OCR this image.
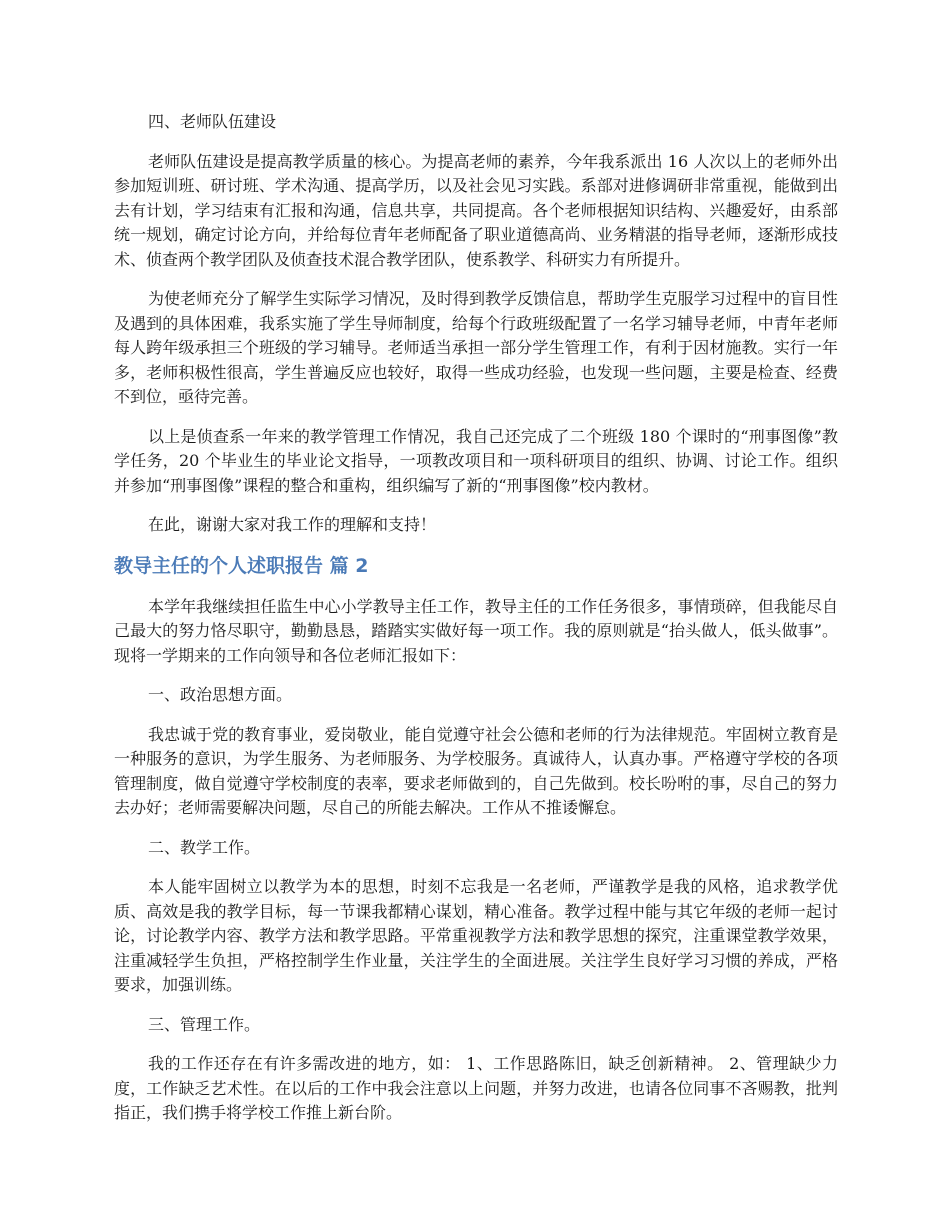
四、老师队伍建设

老师队伍建设是提高教学质量的核心。为提高老师的素养，今年我系派出 16 人次以上的老师外出参加短训班、研讨班、学术沟通、提高学历，以及社会见习实践。系部对进修调研非常重视，能做到出去有计划，学习结束有汇报和沟通，信息共享，共同提高。各个老师根据知识结构、兴趣爱好，由系部统一规划，确定讨论方向，并给每位青年老师配备了职业道德高尚、业务精湛的指导老师，逐渐形成技术、侦查两个教学团队及侦查技术混合教学团队，使系教学、科研实力有所提升。

为使老师充分了解学生实际学习情况，及时得到教学反馈信息，帮助学生克服学习过程中的盲目性及遇到的具体困难，我系实施了学生导师制度，给每个行政班级配置了一名学习辅导老师，中青年老师每人跨年级承担三个班级的学习辅导。老师适当承担一部分学生管理工作，有利于因材施教。实行一年多，老师积极性很高，学生普遍反应也较好，取得一些成功经验，也发现一些问题，主要是检查、经费不到位，亟待完善。

以上是侦查系一年来的教学管理工作情况，我自己还完成了二个班级 180 个课时的“刑事图像”教学任务，20 个毕业生的毕业论文指导，一项教改项目和一项科研项目的组织、协调、讨论工作。组织并参加“刑事图像”课程的整合和重构，组织编写了新的“刑事图像”校内教材。

在此，谢谢大家对我工作的理解和支持！

教导主任的个人述职报告 篇 2

本学年我继续担任监生中心小学教导主任工作，教导主任的工作任务很多，事情琐碎，但我能尽自己最大的努力恪尽职守，勤勤恳恳，踏踏实实做好每一项工作。我的原则就是“抬头做人，低头做事”。现将一学期来的工作向领导和各位老师汇报如下：

一、政治思想方面。

我忠诚于党的教育事业，爱岗敬业，能自觉遵守社会公德和老师的行为法律规范。牢固树立教育是一种服务的意识，为学生服务、为老师服务、为学校服务。真诚待人，认真办事。严格遵守学校的各项管理制度，做自觉遵守学校制度的表率，要求老师做到的，自己先做到。校长吩咐的事，尽自己的努力去办好；老师需要解决问题，尽自己的所能去解决。工作从不推诿懈怠。

二、教学工作。

本人能牢固树立以教学为本的思想，时刻不忘我是一名老师，严谨教学是我的风格，追求教学优质、高效是我的教学目标，每一节课我都精心谋划，精心准备。教学过程中能与其它年级的老师一起讨论，讨论教学内容、教学方法和教学思路。平常重视教学方法和教学思想的探究，注重课堂教学效果，注重减轻学生负担，严格控制学生作业量，关注学生的全面进展。关注学生良好学习习惯的养成，严格要求，加强训练。

三、管理工作。

我的工作还存在有许多需改进的地方，如： 1、工作思路陈旧，缺乏创新精神。 2、管理缺少力度，工作缺乏艺术性。在以后的工作中我会注意以上问题，并努力改进，也请各位同事不吝赐教，批判指正，我们携手将学校工作推上新台阶。
